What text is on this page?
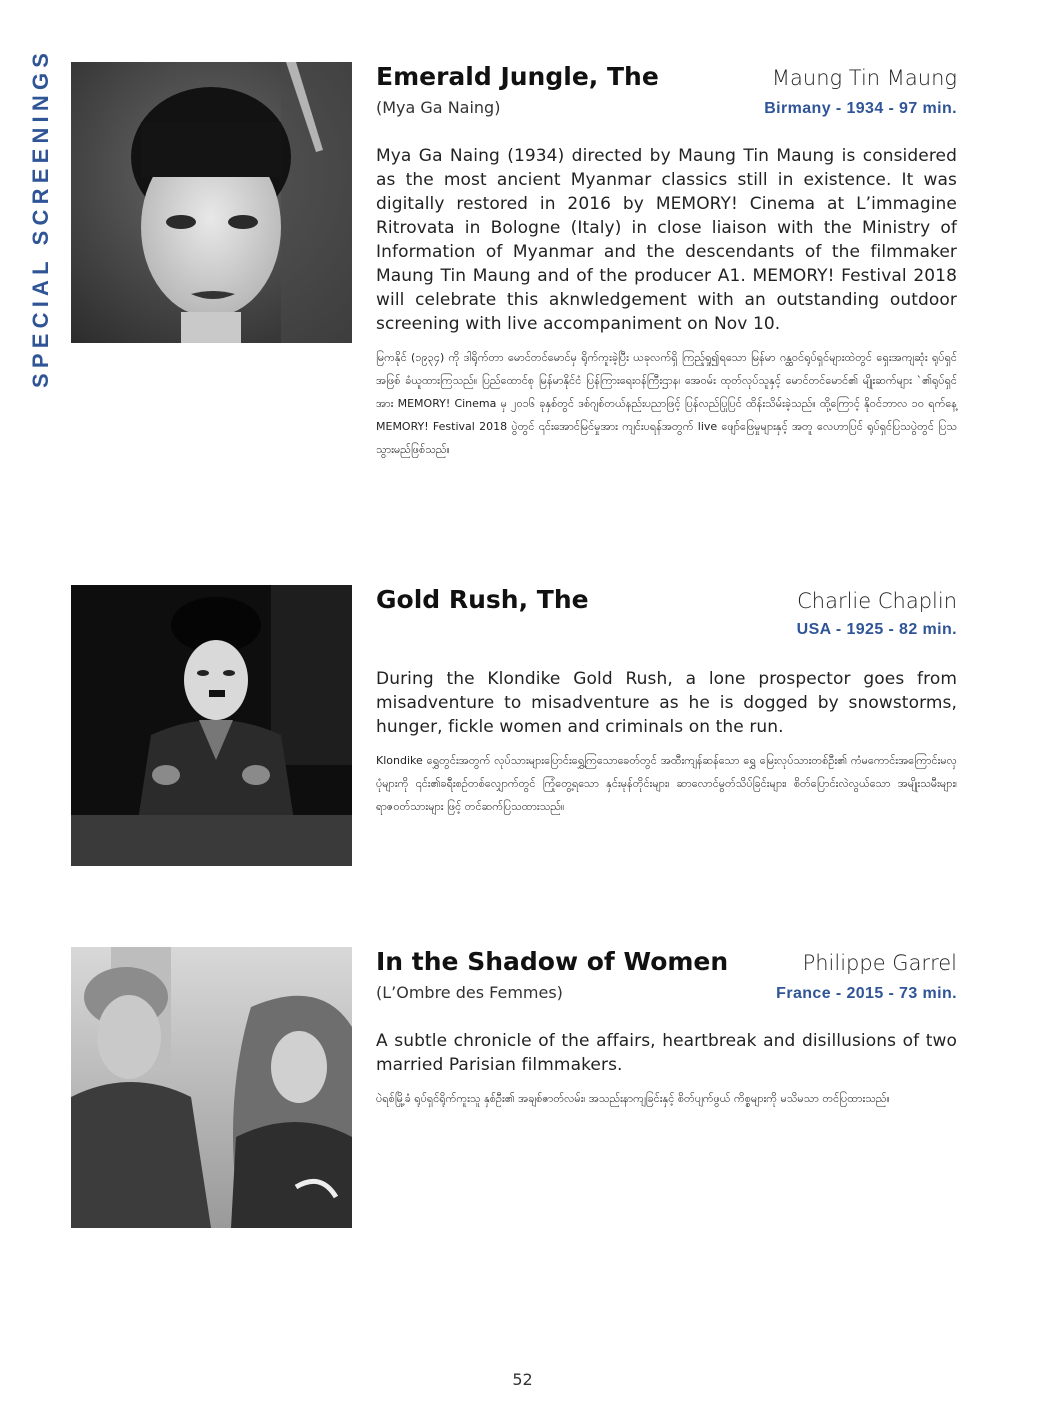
SPECIAL SCREENINGS	Emerald Jungle, The	Maung Tin Maung
(Mya Ga Naing)	Birmany - 1934 - 97 min.
Mya Ga Naing (1934) directed by Maung Tin Maung is considered as the most ancient Myanmar classics still in existence. It was digitally restored in 2016 by MEMORY! Cinema at L’immagine Ritrovata in Bologne (Italy) in close liaison with the Ministry of Information of Myanmar and the descendants of the filmmaker Maung Tin Maung and of the producer A1. MEMORY! Festival 2018 will celebrate this aknwledgement with an outstanding outdoor screening with live accompaniment on Nov 10.
မြကနိုင် (၁၉၃၄) ကို ဒါရိုက်တာ မောင်တင်မောင်မှ ရိုက်ကူးခဲ့ပြီး ယခုလက်ရှိ ကြည့်ရှု၍ရသော မြန်မာ ဂန္ထဝင်ရုပ်ရှင်များထဲတွင် ရှေးအကျဆုံး ရုပ်ရှင်အဖြစ် ခံယူထားကြသည်။ ပြည်ထောင်စု မြန်မာနိုင်ငံ ပြန်ကြားရေးဝန်ကြီးဌာန၊ အေဝမ်း ထုတ်လုပ်သူနှင့် မောင်တင်မောင်၏ မျိုးဆက်များ `၏ရုပ်ရှင်အား MEMORY! Cinema မှ ၂၀၁၆ ခုနှစ်တွင် ဒစ်ဂျစ်တယ်နည်းပညာဖြင့် ပြန်လည်ပြုပြင် ထိန်းသိမ်းခဲ့သည်။ ထို့ကြောင့် နိုဝင်ဘာလ ၁၀ ရက်နေ့ MEMORY! Festival 2018 ပွဲတွင် ၎င်းအောင်မြင်မှုအား ကျင်းပရန်အတွက် live ဖျော်ဖြေမှုများနှင့် အတူ လေဟာပြင် ရုပ်ရှင်ပြသပွဲတွင် ပြသသွားမည်ဖြစ်သည်။
Gold Rush, The	Charlie Chaplin
USA - 1925 - 82 min.
During the Klondike Gold Rush, a lone prospector goes from misadventure to misadventure as he is dogged by snowstorms, hunger, fickle women and criminals on the run.
Klondike ရွှေတွင်းအတွက် လုပ်သားများပြောင်းရွှေ့ကြသောခေတ်တွင် အထီးကျန်ဆန်သော ရွှေ မြေးလုပ်သားတစ်ဦး၏ ကံမကောင်းအကြောင်းမလှပုံများကို ၎င်း၏ခရီးစဉ်တစ်လျှောက်တွင် ကြုံတွေ့ရသော နှင်းမုန်တိုင်းများ၊ ဆာလောင်မွတ်သိပ်ခြင်းများ၊ စိတ်ပြောင်းလဲလွယ်သော အမျိုးသမီးများ၊ ရာဇဝတ်သားများ ဖြင့် တင်ဆက်ပြသထားသည်။
In the Shadow of Women	Philippe Garrel
(L’Ombre des Femmes)	France - 2015 - 73 min.
A subtle chronicle of the affairs, heartbreak and disillusions of two married Parisian filmmakers.
ပဲရစ်မြို့ခံ ရုပ်ရှင်ရိုက်ကူးသူ နှစ်ဦး၏ အချစ်ဇာတ်လမ်း၊ အသည်းနာကျခြင်းနှင့် စိတ်ပျက်ဖွယ် ကိစ္စများကို မသိမသာ တင်ပြထားသည်။
52
